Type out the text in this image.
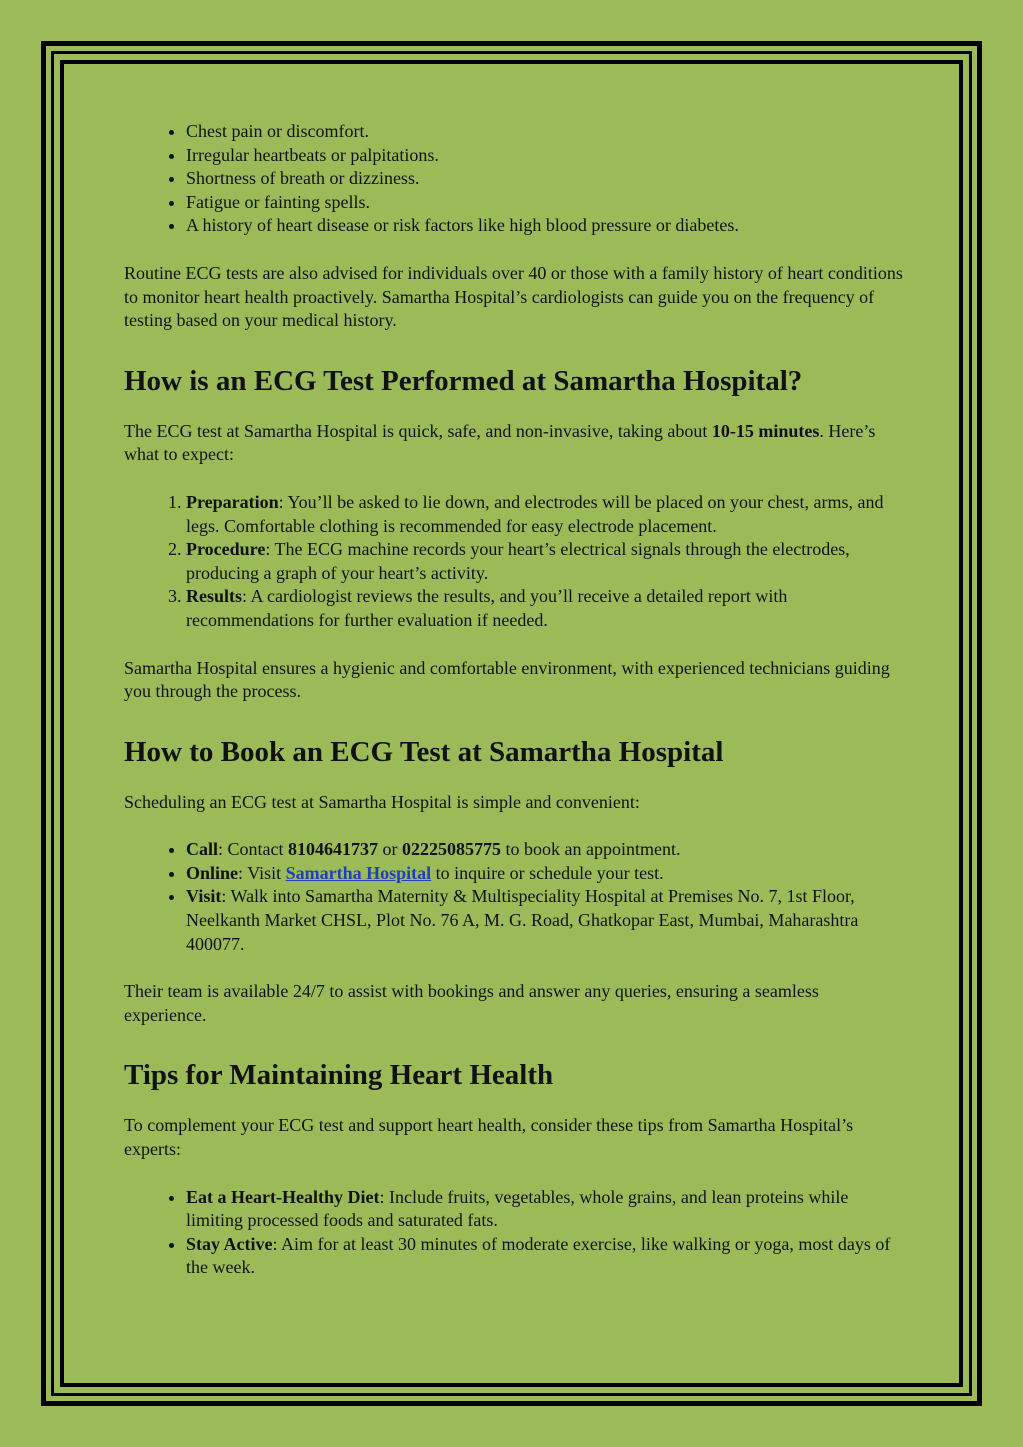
• Chest pain or discomfort.
• Irregular heartbeats or palpitations.
• Shortness of breath or dizziness.
• Fatigue or fainting spells.
• A history of heart disease or risk factors like high blood pressure or diabetes.

Routine ECG tests are also advised for individuals over 40 or those with a family history of heart conditions to monitor heart health proactively. Samartha Hospital’s cardiologists can guide you on the frequency of testing based on your medical history.

How is an ECG Test Performed at Samartha Hospital?

The ECG test at Samartha Hospital is quick, safe, and non-invasive, taking about 10-15 minutes. Here’s what to expect:

1. Preparation: You’ll be asked to lie down, and electrodes will be placed on your chest, arms, and legs. Comfortable clothing is recommended for easy electrode placement.
2. Procedure: The ECG machine records your heart’s electrical signals through the electrodes, producing a graph of your heart’s activity.
3. Results: A cardiologist reviews the results, and you’ll receive a detailed report with recommendations for further evaluation if needed.

Samartha Hospital ensures a hygienic and comfortable environment, with experienced technicians guiding you through the process.

How to Book an ECG Test at Samartha Hospital

Scheduling an ECG test at Samartha Hospital is simple and convenient:

• Call: Contact 8104641737 or 02225085775 to book an appointment.
• Online: Visit Samartha Hospital to inquire or schedule your test.
• Visit: Walk into Samartha Maternity & Multispeciality Hospital at Premises No. 7, 1st Floor, Neelkanth Market CHSL, Plot No. 76 A, M. G. Road, Ghatkopar East, Mumbai, Maharashtra 400077.

Their team is available 24/7 to assist with bookings and answer any queries, ensuring a seamless experience.

Tips for Maintaining Heart Health

To complement your ECG test and support heart health, consider these tips from Samartha Hospital’s experts:

• Eat a Heart-Healthy Diet: Include fruits, vegetables, whole grains, and lean proteins while limiting processed foods and saturated fats.
• Stay Active: Aim for at least 30 minutes of moderate exercise, like walking or yoga, most days of the week.
